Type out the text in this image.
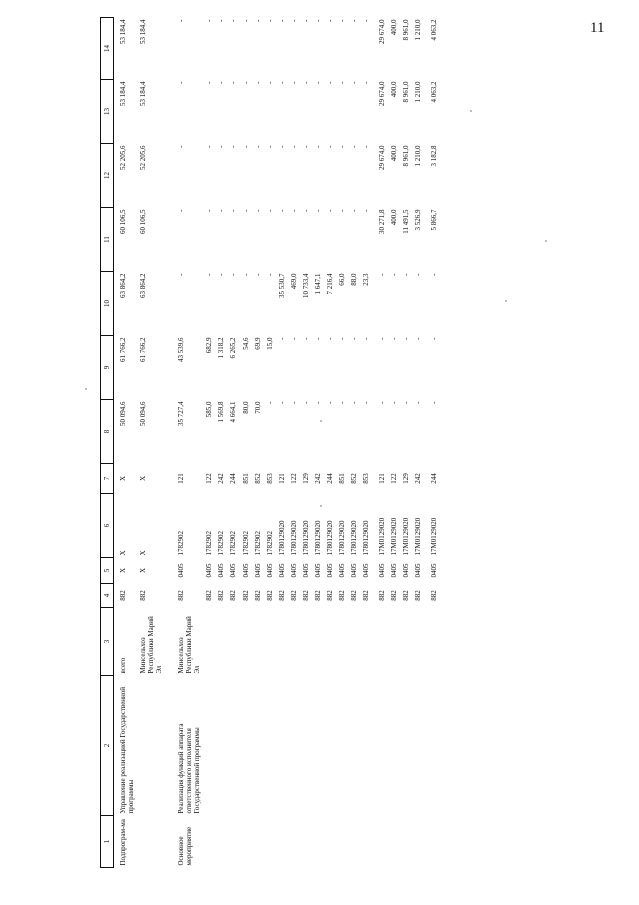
11
1	2	3	4	5	6	7	8	9	10	11	12	13	14
Подпрограм-ма	Управление реализацией Государственной программы	всего	882	Х	Х	Х	50 094,6	61 766,2	63 864,2	60 106,5	52 205,6	53 184,4	53 184,4
		Минсельхоз Республики Марий Эл	882	Х	Х	Х	50 094,6	61 766,2	63 864,2	60 106,5	52 205,6	53 184,4	53 184,4
Основное мероприятие	Реализация функций аппарата ответственного исполнителя Государственной программы	Минсельхоз Республики Марий Эл	882	0405	1782902	121	35 727,4	43 539,6	-	-	-	-	-
			882	0405	1782902	122	585,0	682,9	-	-	-	-	-
			882	0405	1782902	242	1 569,8	1 318,2	-	-	-	-	-
			882	0405	1782902	244	4 664,1	6 265,2	-	-	-	-	-
			882	0405	1782902	851	80,0	54,6	-	-	-	-	-
			882	0405	1782902	852	70,0	69,9	-	-	-	-	-
			882	0405	1782902	853	-	15,0	-	-	-	-	-
			882	0405	1780129020	121	-	-	35 530,7	-	-	-	-
			882	0405	1780129020	122	-	-	469,0	-	-	-	-
			882	0405	1780129020	129	-	-	10 733,4	-	-	-	-
			882	0405	1780129020	242	-	-	1 647,1	-	-	-	-
			882	0405	1780129020	244	-	-	7 216,4	-	-	-	-
			882	0405	1780129020	851	-	-	66,0	-	-	-	-
			882	0405	1780129020	852	-	-	88,0	-	-	-	-
			882	0405	1780129020	853	-	-	23,3	-	-	-	-
			882	0405	17М0129020	121	-	-	-	30 271,8	29 674,0	29 674,0	29 674,0
			882	0405	17М0129020	122	-	-	-	400,0	400,0	400,0	400,0
			882	0405	17М0129020	129	-	-	-	11 491,5	8 961,0	8 961,0	8 961,0
			882	0405	17М0129020	242	-	-	-	3 526,9	1 210,0	1 210,0	1 210,0
			882	0405	17М0129020	244	-	-	-	5 866,7	3 182,8	4 063,2	4 063,2
